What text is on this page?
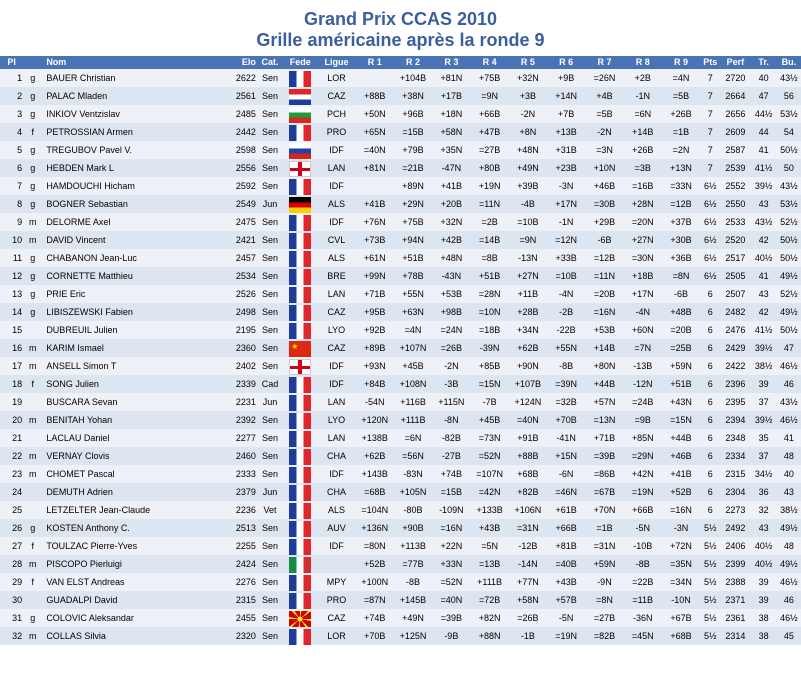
Grand Prix CCAS 2010
Grille américaine après la ronde 9
Pl		Nom	Elo	Cat.	Fede	Ligue	R 1	R 2	R 3	R 4	R 5	R 6	R 7	R 8	R 9	Pts	Perf	Tr.	Bu.
1	g	BAUER Christian	2622	Sen		LOR		+104B	+81N	+75B	+32N	+9B	=26N	+2B	=4N	7	2720	40	43½
2	g	PALAC Mladen	2561	Sen		CAZ	+88B	+38N	+17B	=9N	+3B	+14N	+4B	-1N	=5B	7	2664	47	56
3	g	INKIOV Ventzislav	2485	Sen		PCH	+50N	+96B	+18N	+66B	-2N	+7B	=5B	=6N	+26B	7	2656	44½	53½
4	f	PETROSSIAN Armen	2442	Sen		PRO	+65N	=15B	+58N	+47B	+8N	+13B	-2N	+14B	=1B	7	2609	44	54
5	g	TREGUBOV Pavel V.	2598	Sen		IDF	=40N	+79B	+35N	=27B	+48N	+31B	=3N	+26B	=2N	7	2587	41	50½
6	g	HEBDEN Mark L	2556	Sen		LAN	+81N	=21B	-47N	+80B	+49N	+23B	+10N	=3B	+13N	7	2539	41½	50
7	g	HAMDOUCHI Hicham	2592	Sen		IDF		+89N	+41B	+19N	+39B	-3N	+46B	=16B	=33N	6½	2552	39½	43½
8	g	BOGNER Sebastian	2549	Jun		ALS	+41B	+29N	+20B	=11N	-4B	+17N	=30B	+28N	=12B	6½	2550	43	53½
9	m	DELORME Axel	2475	Sen		IDF	+76N	+75B	+32N	=2B	=10B	-1N	+29B	=20N	+37B	6½	2533	43½	52½
10	m	DAVID Vincent	2421	Sen		CVL	+73B	+94N	+42B	=14B	=9N	=12N	-6B	+27N	+30B	6½	2520	42	50½
11	g	CHABANON Jean-Luc	2457	Sen		ALS	+61N	+51B	+48N	=8B	-13N	+33B	=12B	=30N	+36B	6½	2517	40½	50½
12	g	CORNETTE Matthieu	2534	Sen		BRE	+99N	+78B	-43N	+51B	+27N	=10B	=11N	+18B	=8N	6½	2505	41	49½
13	g	PRIE Eric	2526	Sen		LAN	+71B	+55N	+53B	=28N	+11B	-4N	=20B	+17N	-6B	6	2507	43	52½
14	g	LIBISZEWSKI Fabien	2498	Sen		CAZ	+95B	+63N	+98B	=10N	+28B	-2B	=16N	-4N	+48B	6	2482	42	49½
15		DUBREUIL Julien	2195	Sen		LYO	+92B	=4N	=24N	=18B	+34N	-22B	+53B	+60N	=20B	6	2476	41½	50½
16	m	KARIM Ismael	2360	Sen	★	CAZ	+89B	+107N	=26B	-39N	+62B	+55N	+14B	=7N	=25B	6	2429	39½	47
17	m	ANSELL Simon T	2402	Sen		IDF	+93N	+45B	-2N	+85B	+90N	-8B	+80N	-13B	+59N	6	2422	38½	46½
18	f	SONG Julien	2339	Cad		IDF	+84B	+108N	-3B	=15N	+107B	=39N	+44B	-12N	+51B	6	2396	39	46
19		BUSCARA Sevan	2231	Jun		LAN	-54N	+116B	+115N	-7B	+124N	=32B	+57N	=24B	+43N	6	2395	37	43½
20	m	BENITAH Yohan	2392	Sen		LYO	+120N	+111B	-8N	+45B	=40N	+70B	=13N	=9B	=15N	6	2394	39½	46½
21		LACLAU Daniel	2277	Sen		LAN	+138B	=6N	-82B	=73N	+91B	-41N	+71B	+85N	+44B	6	2348	35	41
22	m	VERNAY Clovis	2460	Sen		CHA	+62B	=56N	-27B	=52N	+88B	+15N	=39B	=29N	+46B	6	2334	37	48
23	m	CHOMET Pascal	2333	Sen		IDF	+143B	-83N	+74B	=107N	+68B	-6N	=86B	+42N	+41B	6	2315	34½	40
24		DEMUTH Adrien	2379	Jun		CHA	=68B	+105N	=15B	=42N	+82B	=46N	=67B	=19N	+52B	6	2304	36	43
25		LETZELTER Jean-Claude	2236	Vet		ALS	=104N	-80B	-109N	+133B	+106N	+61B	+70N	+66B	=16N	6	2273	32	38½
26	g	KOSTEN Anthony C.	2513	Sen		AUV	+136N	+90B	=16N	+43B	=31N	+66B	=1B	-5N	-3N	5½	2492	43	49½
27	f	TOULZAC Pierre-Yves	2255	Sen		IDF	=80N	+113B	+22N	=5N	-12B	+81B	=31N	-10B	+72N	5½	2406	40½	48
28	m	PISCOPO Pierluigi	2424	Sen			+52B	=77B	+33N	=13B	-14N	=40B	+59N	-8B	=35N	5½	2399	40½	49½
29	f	VAN ELST Andreas	2276	Sen		MPY	+100N	-8B	=52N	+111B	+77N	+43B	-9N	=22B	=34N	5½	2388	39	46½
30		GUADALPI David	2315	Sen		PRO	=87N	+145B	=40N	=72B	+58N	+57B	=8N	=11B	-10N	5½	2371	39	46
31	g	COLOVIC Aleksandar	2455	Sen		CAZ	+74B	+49N	=39B	+82N	=26B	-5N	=27B	-36N	+67B	5½	2361	38	46½
32	m	COLLAS Silvia	2320	Sen		LOR	+70B	+125N	-9B	+88N	-1B	=19N	=82B	=45N	+68B	5½	2314	38	45
